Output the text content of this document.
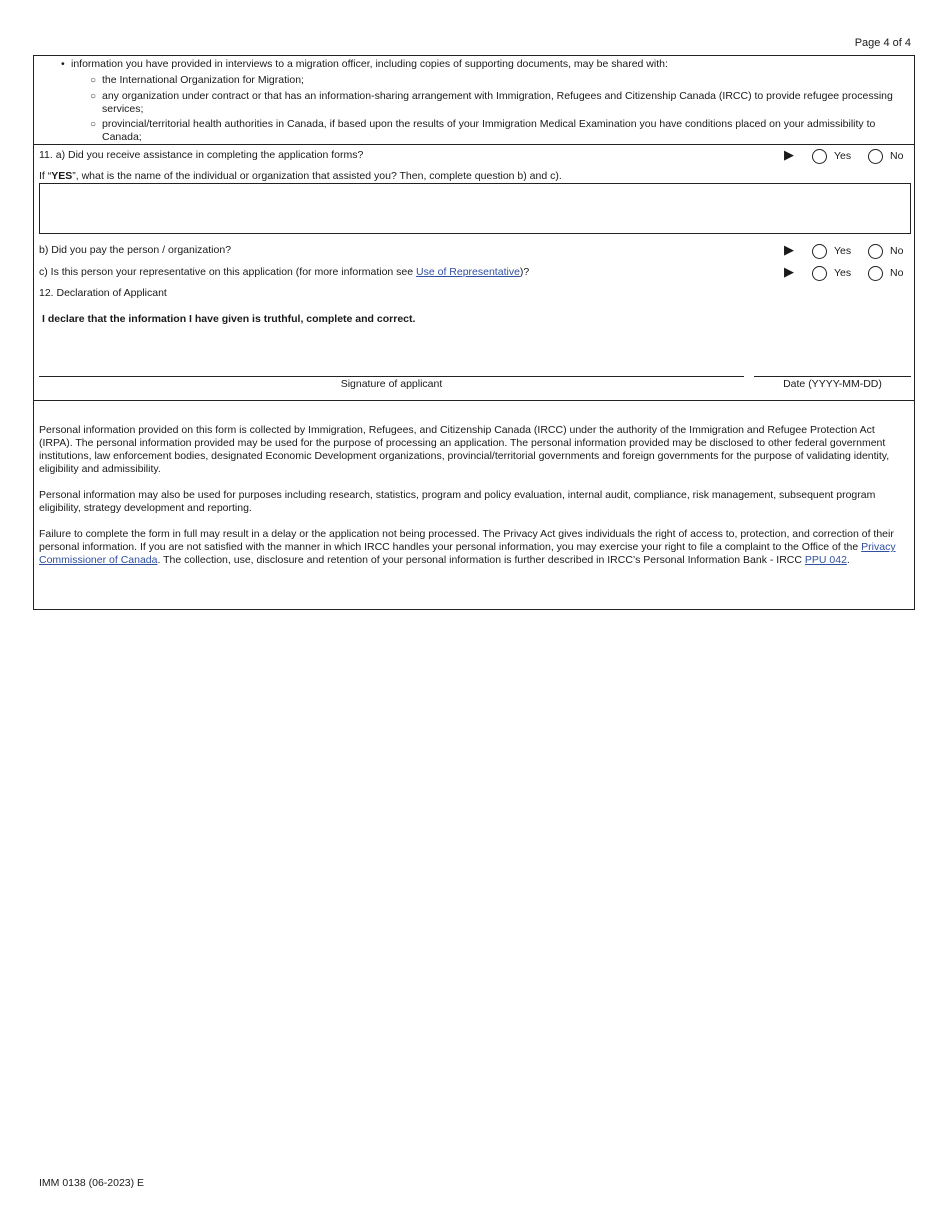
Page 4 of 4
• information you have provided in interviews to a migration officer, including copies of supporting documents, may be shared with:
○ the International Organization for Migration;
○ any organization under contract or that has an information-sharing arrangement with Immigration, Refugees and Citizenship Canada (IRCC) to provide refugee processing services;
○ provincial/territorial health authorities in Canada, if based upon the results of your Immigration Medical Examination you have conditions placed on your admissibility to Canada;
11. a) Did you receive assistance in completing the application forms?	▶	Yes	No
If “YES”, what is the name of the individual or organization that assisted you? Then, complete question b) and c).
b) Did you pay the person / organization?	▶	Yes	No
c) Is this person your representative on this application (for more information see Use of Representative)?	▶	Yes	No
12. Declaration of Applicant
I declare that the information I have given is truthful, complete and correct.
Signature of applicant	Date (YYYY-MM-DD)
Personal information provided on this form is collected by Immigration, Refugees, and Citizenship Canada (IRCC) under the authority of the Immigration and Refugee Protection Act (IRPA). The personal information provided may be used for the purpose of processing an application. The personal information provided may be disclosed to other federal government institutions, law enforcement bodies, designated Economic Development organizations, provincial/territorial governments and foreign governments for the purpose of validating identity, eligibility and admissibility.
Personal information may also be used for purposes including research, statistics, program and policy evaluation, internal audit, compliance, risk management, subsequent program eligibility, strategy development and reporting.
Failure to complete the form in full may result in a delay or the application not being processed. The Privacy Act gives individuals the right of access to, protection, and correction of their personal information. If you are not satisfied with the manner in which IRCC handles your personal information, you may exercise your right to file a complaint to the Office of the Privacy Commissioner of Canada. The collection, use, disclosure and retention of your personal information is further described in IRCC’s Personal Information Bank - IRCC PPU 042.
IMM 0138 (06-2023) E
